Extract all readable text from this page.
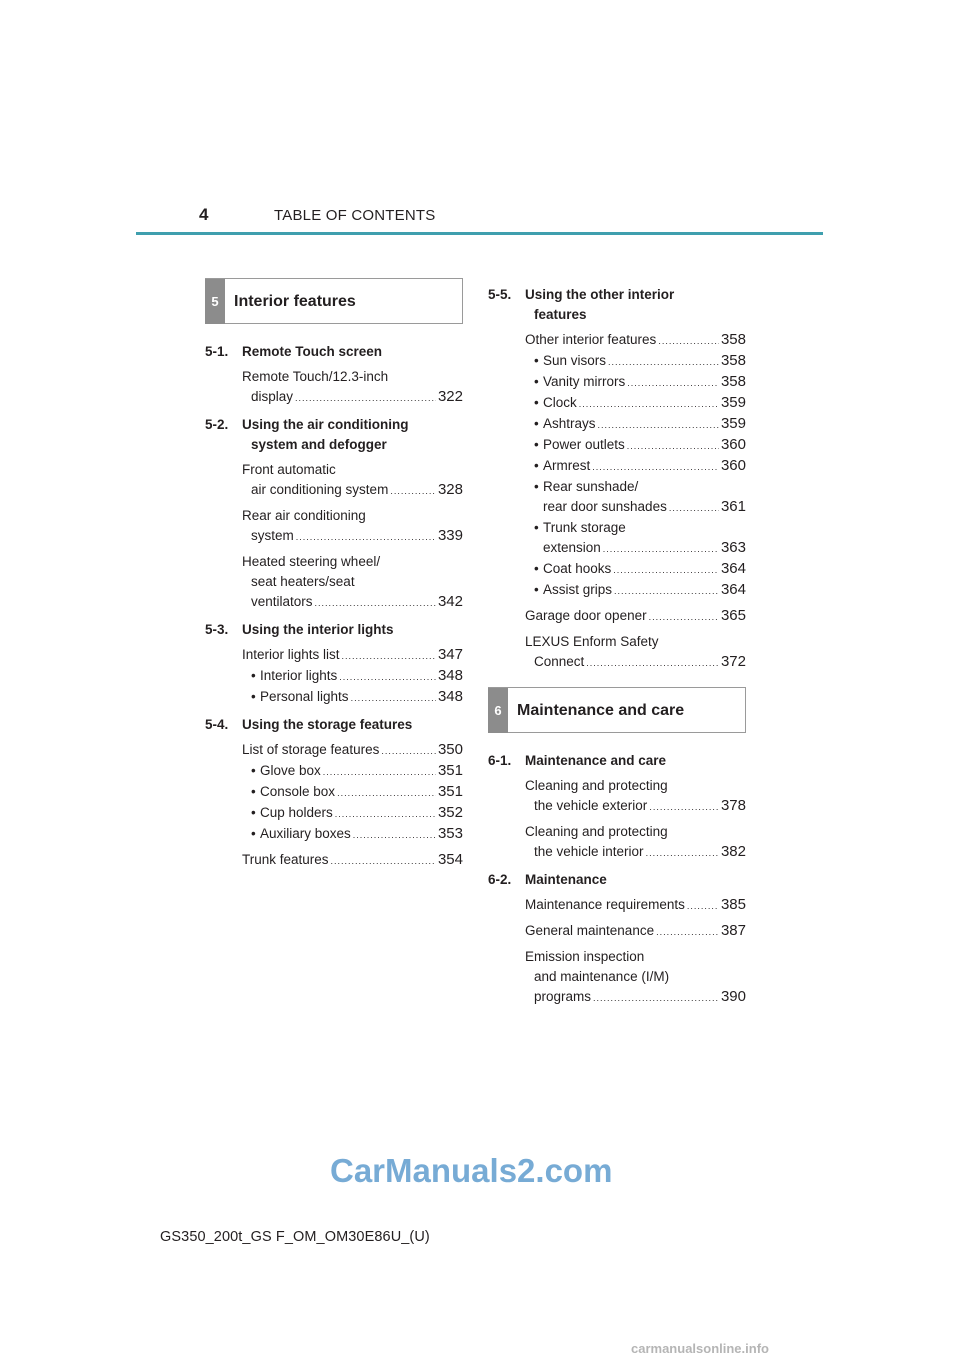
4	TABLE OF CONTENTS
5 Interior features
5-1.	Remote Touch screen
Remote Touch/12.3-inch
display .....	322
5-2.	Using the air conditioning

system and defogger
Front automatic
air conditioning system .....	328
Rear air conditioning
system .....	339
Heated steering wheel/
seat heaters/seat
ventilators .....	342
5-3.	Using the interior lights
Interior lights list .....	347
• Interior lights .....	348
• Personal lights .....	348
5-4.	Using the storage features
List of storage features .....	350
• Glove box .....	351
• Console box .....	351
• Cup holders .....	352
• Auxiliary boxes .....	353
Trunk features .....	354
5-5.	Using the other interior

features
Other interior features .....	358
• Sun visors .....	358
• Vanity mirrors .....	358
• Clock .....	359
• Ashtrays .....	359
• Power outlets .....	360
• Armrest .....	360
• Rear sunshade/
rear door sunshades .....	361
• Trunk storage
extension .....	363
• Coat hooks .....	364
• Assist grips .....	364
Garage door opener .....	365
LEXUS Enform Safety
Connect .....	372
6 Maintenance and care
6-1.	Maintenance and care
Cleaning and protecting
the vehicle exterior .....	378
Cleaning and protecting
the vehicle interior .....	382
6-2.	Maintenance
Maintenance requirements ..... 385
General maintenance .....	387
Emission inspection
and maintenance (I/M)
programs .....	390
GS350_200t_GS F_OM_OM30E86U_(U)
CarManuals2.com
carmanualsonline.info
